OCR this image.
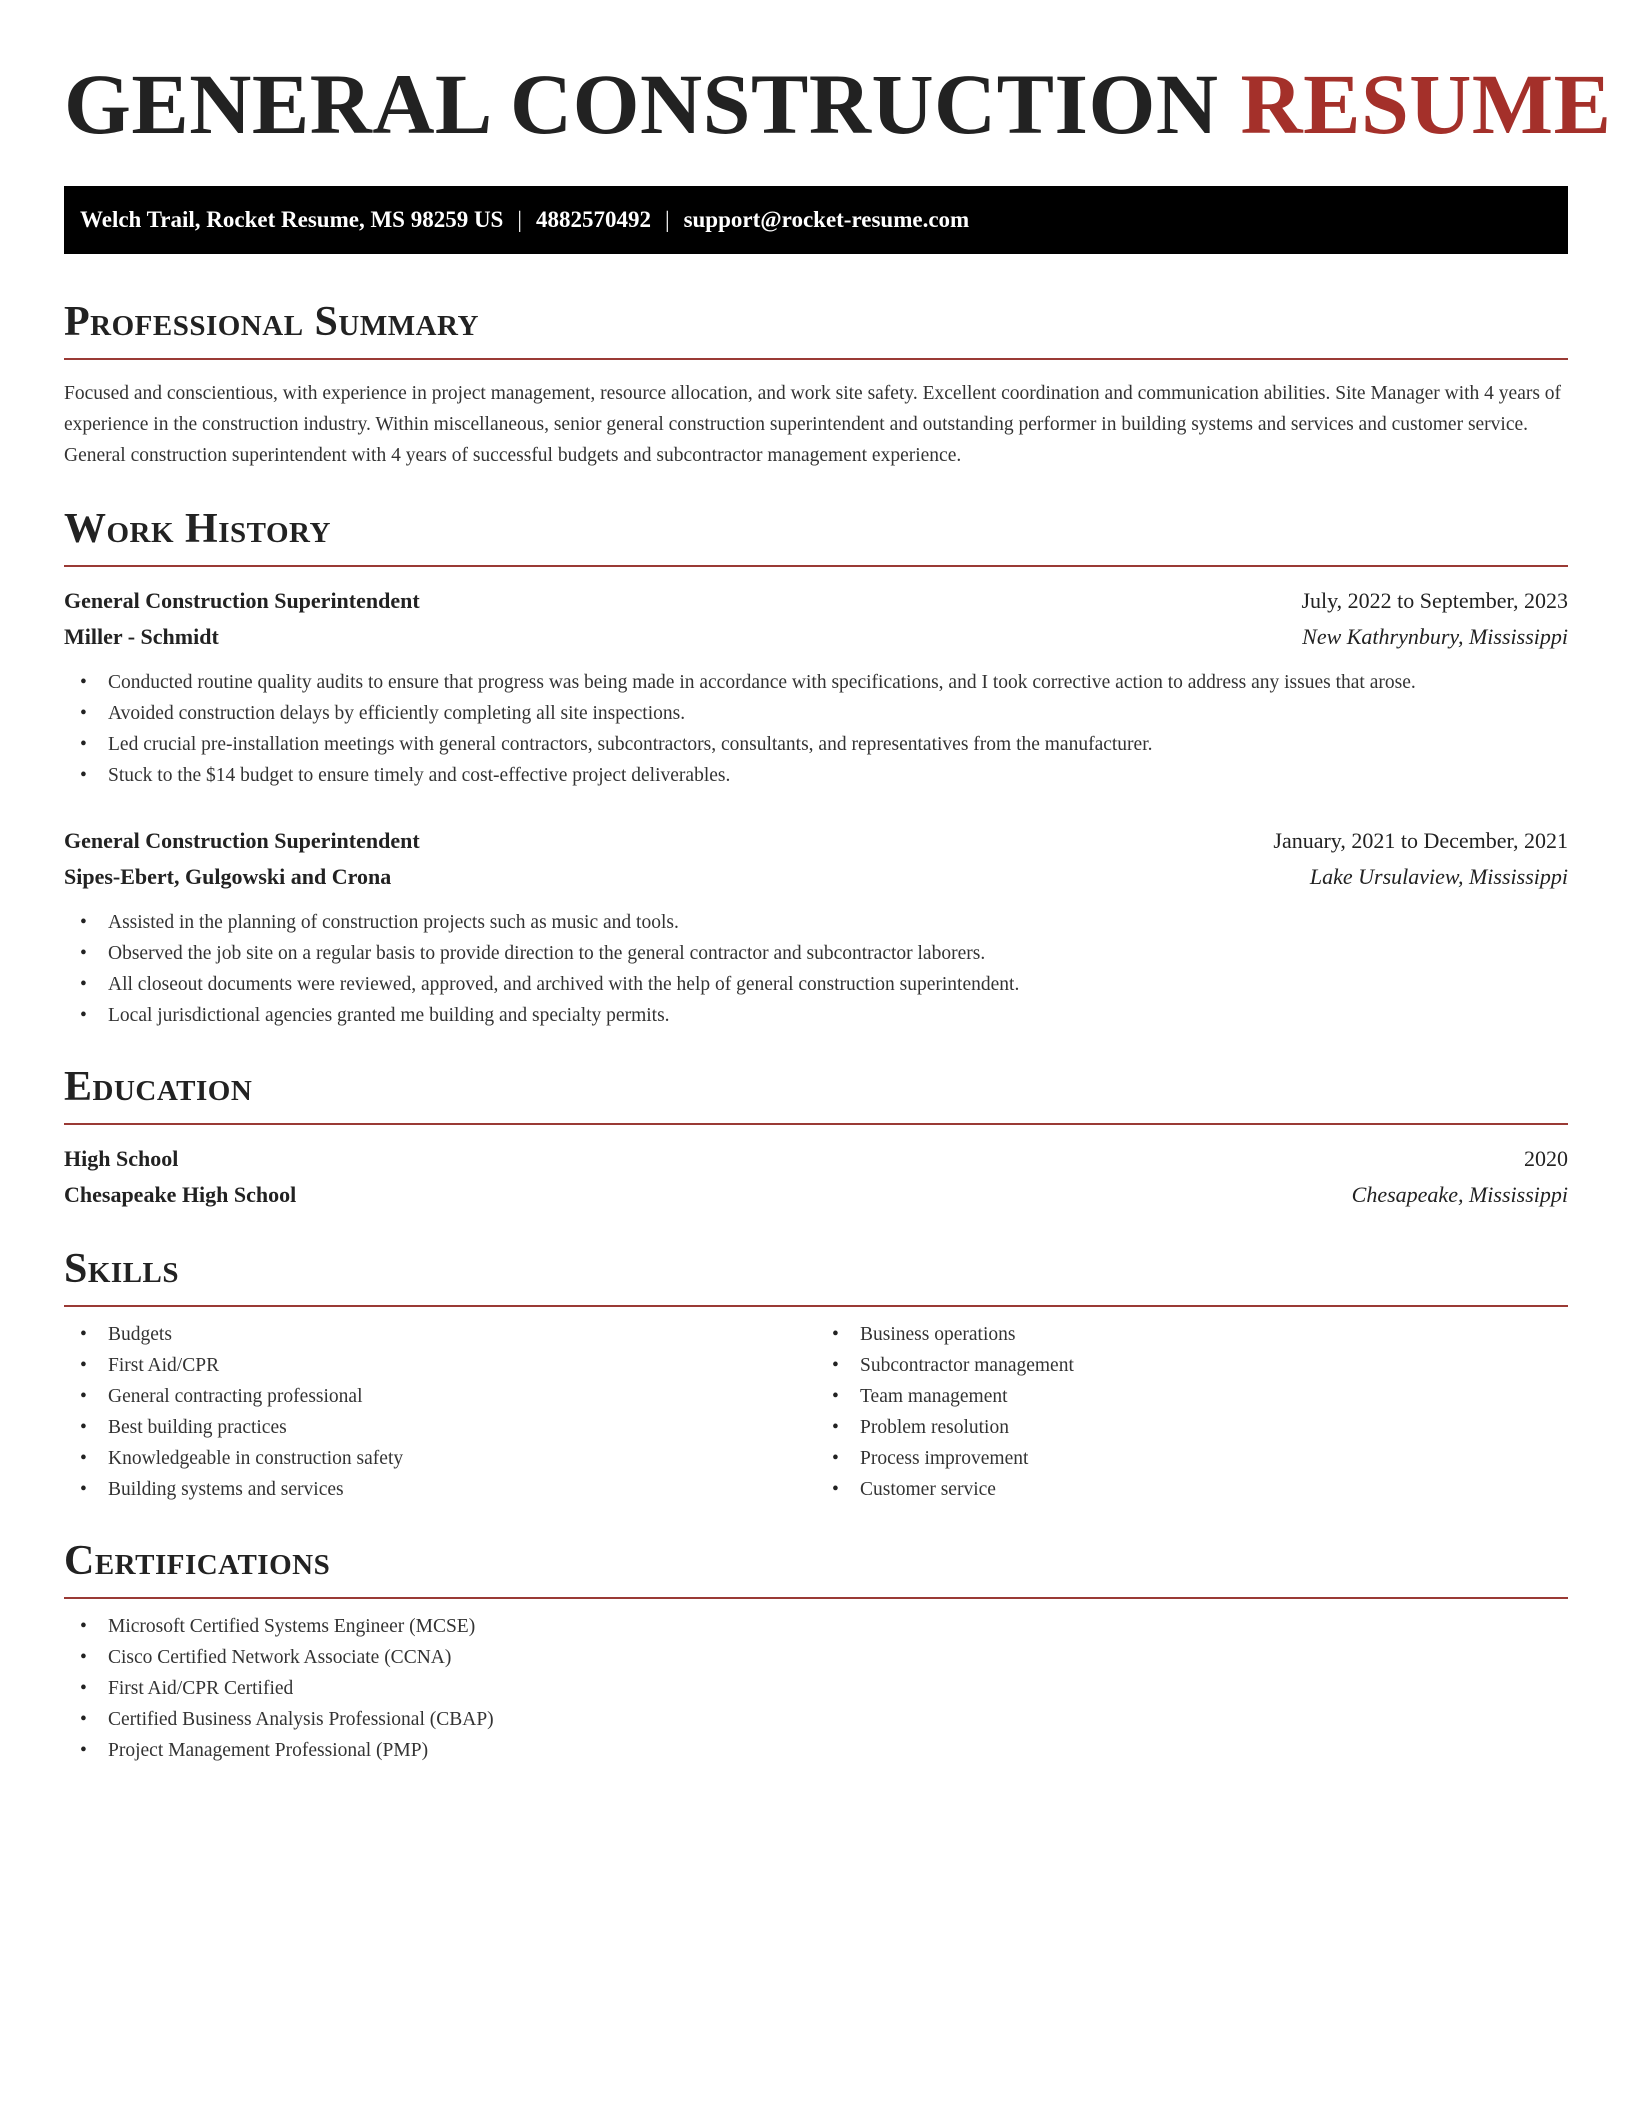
GENERAL CONSTRUCTION RESUME
Welch Trail, Rocket Resume, MS 98259 US | 4882570492 | support@rocket-resume.com
Professional Summary

Focused and conscientious, with experience in project management, resource allocation, and work site safety. Excellent coordination and communication abilities. Site Manager with 4 years of experience in the construction industry. Within miscellaneous, senior general construction superintendent and outstanding performer in building systems and services and customer service. General construction superintendent with 4 years of successful budgets and subcontractor management experience.

Work History
General Construction Superintendent	July, 2022 to September, 2023
Miller - Schmidt	New Kathrynbury, Mississippi
• Conducted routine quality audits to ensure that progress was being made in accordance with specifications, and I took corrective action to address any issues that arose.
• Avoided construction delays by efficiently completing all site inspections.
• Led crucial pre-installation meetings with general contractors, subcontractors, consultants, and representatives from the manufacturer.
• Stuck to the $14 budget to ensure timely and cost-effective project deliverables.
General Construction Superintendent	January, 2021 to December, 2021
Sipes-Ebert, Gulgowski and Crona	Lake Ursulaview, Mississippi
• Assisted in the planning of construction projects such as music and tools.
• Observed the job site on a regular basis to provide direction to the general contractor and subcontractor laborers.
• All closeout documents were reviewed, approved, and archived with the help of general construction superintendent.
• Local jurisdictional agencies granted me building and specialty permits.
Education
High School	2020
Chesapeake High School	Chesapeake, Mississippi
Skills
• Budgets
• First Aid/CPR
• General contracting professional
• Best building practices
• Knowledgeable in construction safety
• Building systems and services
• Business operations
• Subcontractor management
• Team management
• Problem resolution
• Process improvement
• Customer service
Certifications
• Microsoft Certified Systems Engineer (MCSE)
• Cisco Certified Network Associate (CCNA)
• First Aid/CPR Certified
• Certified Business Analysis Professional (CBAP)
• Project Management Professional (PMP)
